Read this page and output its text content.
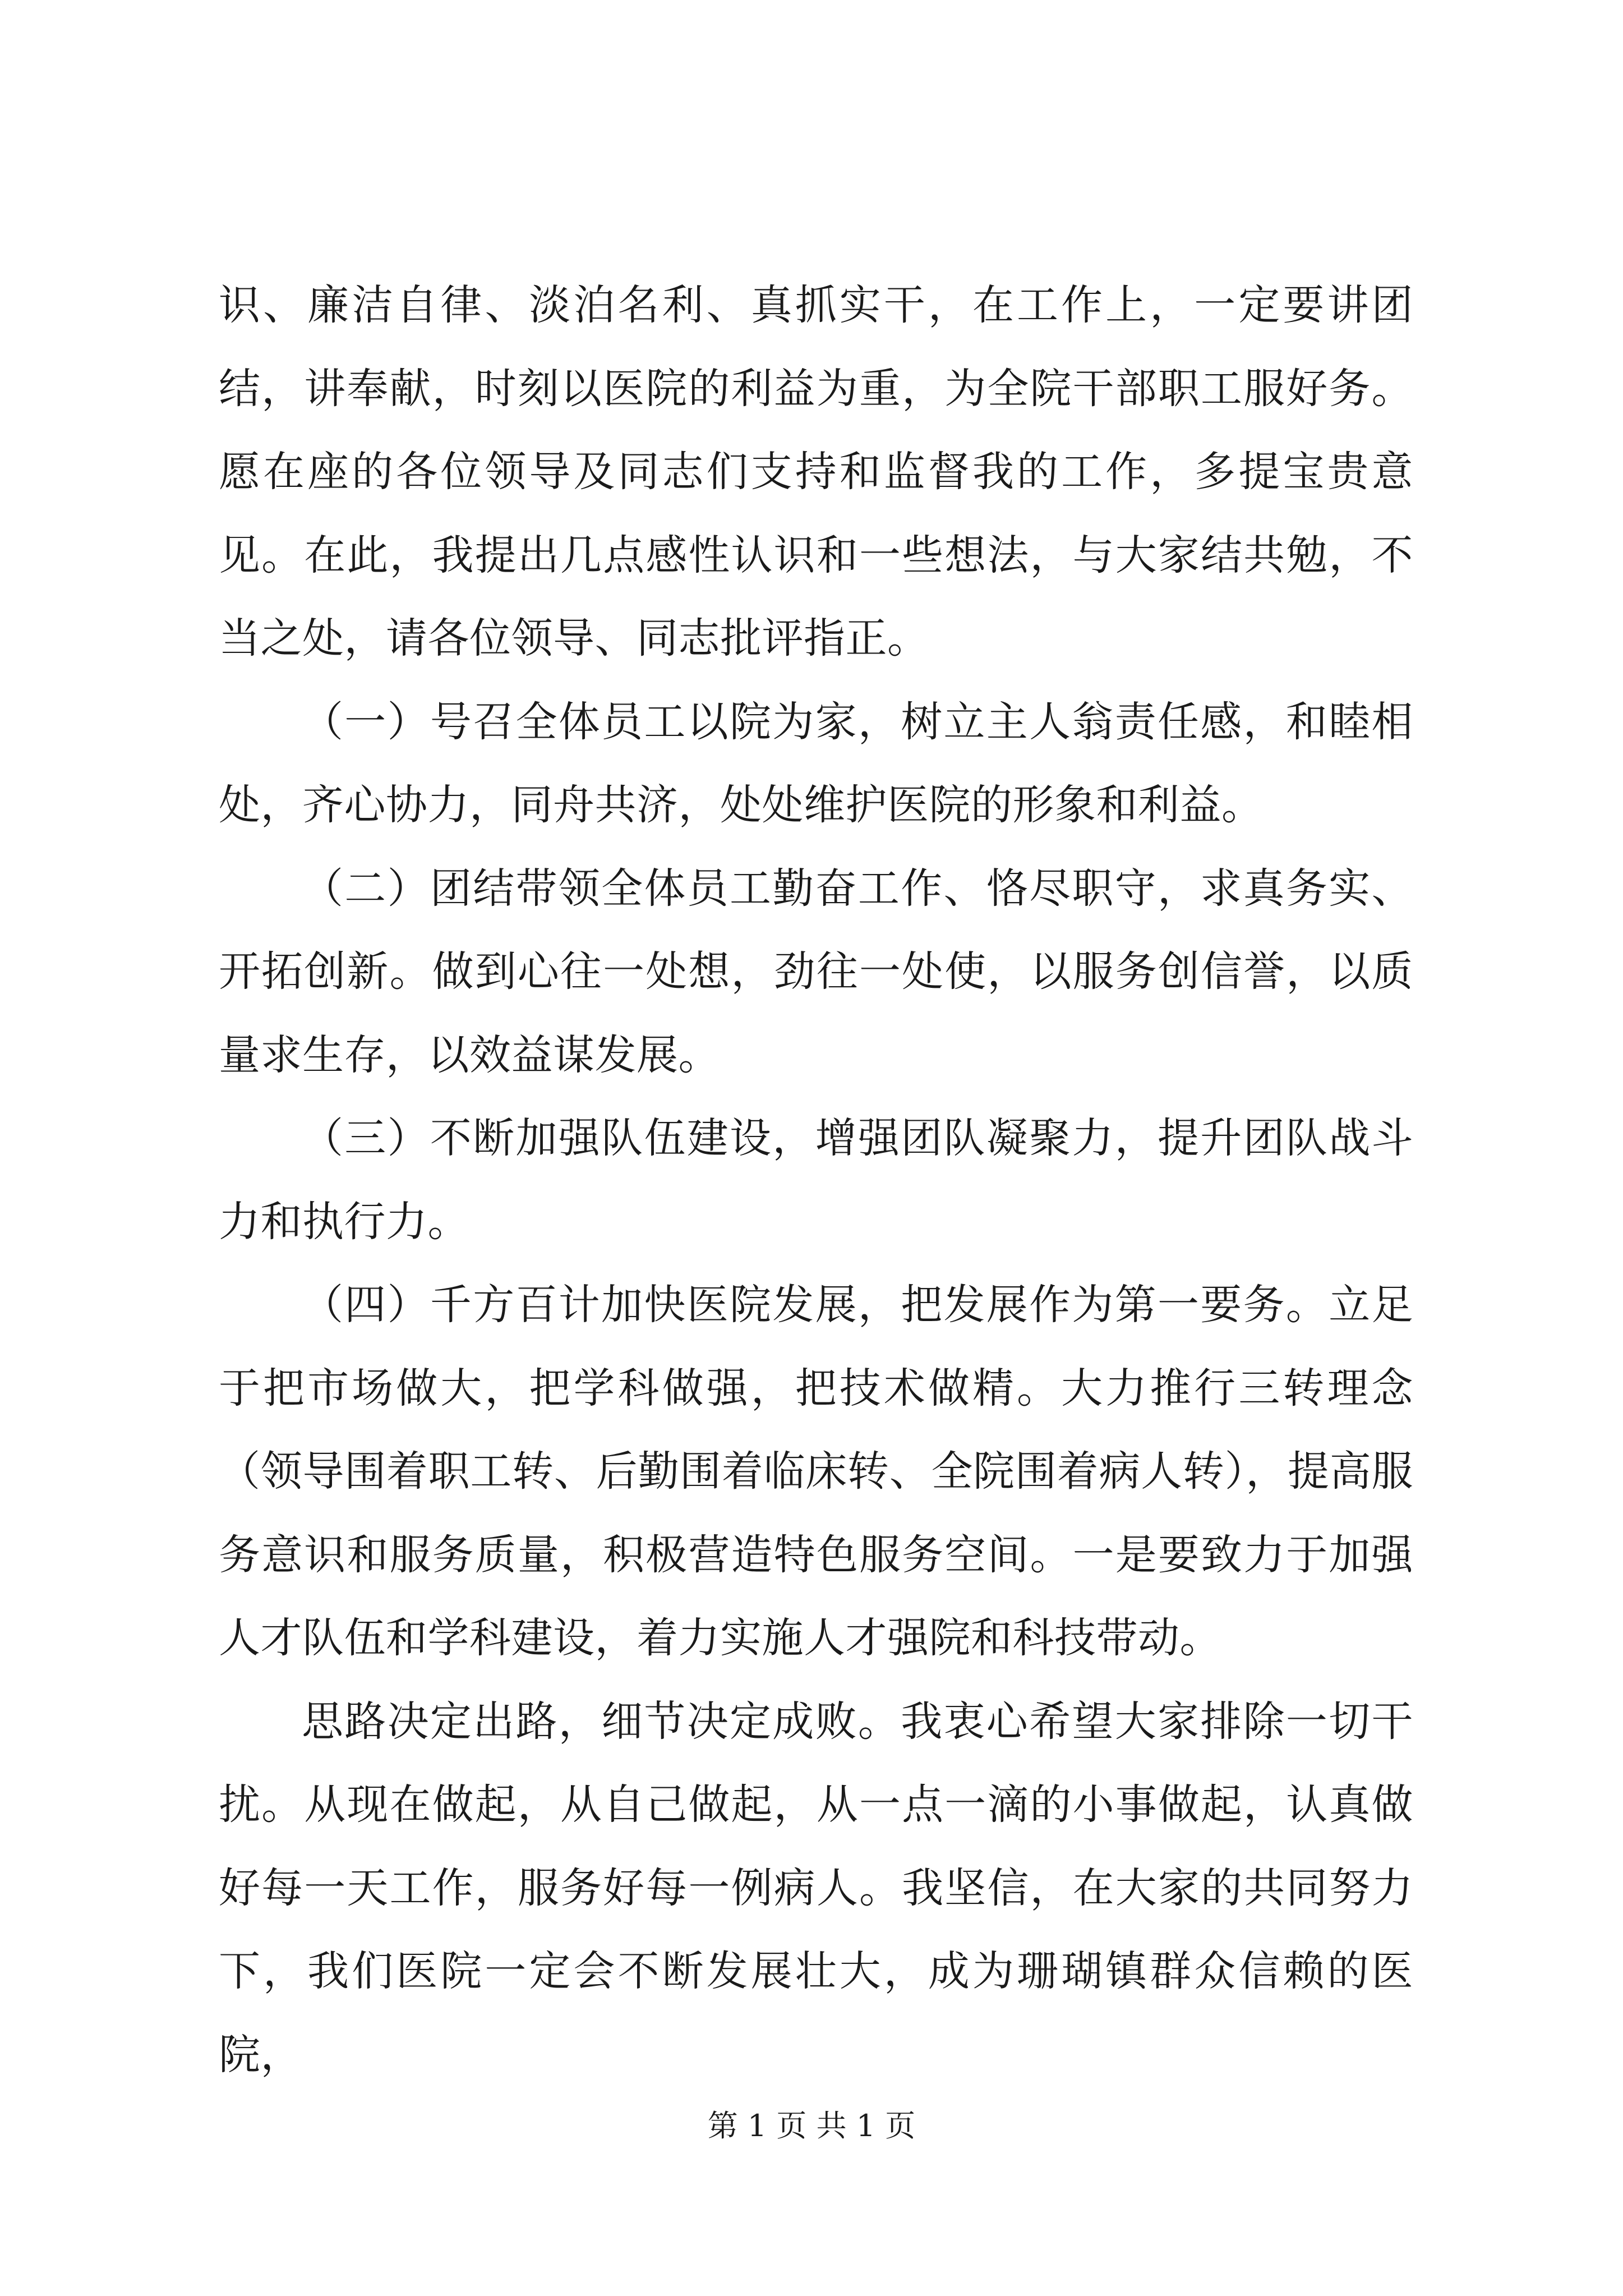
识、廉洁自律、淡泊名利、真抓实干，在工作上，一定要讲团结，讲奉献，时刻以医院的利益为重，为全院干部职工服好务。愿在座的各位领导及同志们支持和监督我的工作，多提宝贵意见。在此，我提出几点感性认识和一些想法，与大家结共勉，不当之处，请各位领导、同志批评指正。

（一）号召全体员工以院为家，树立主人翁责任感，和睦相处，齐心协力，同舟共济，处处维护医院的形象和利益。

（二）团结带领全体员工勤奋工作、恪尽职守，求真务实、开拓创新。做到心往一处想，劲往一处使，以服务创信誉，以质量求生存，以效益谋发展。

（三）不断加强队伍建设，增强团队凝聚力，提升团队战斗力和执行力。

（四）千方百计加快医院发展，把发展作为第一要务。立足于把市场做大，把学科做强，把技术做精。大力推行三转理念（领导围着职工转、后勤围着临床转、全院围着病人转），提高服务意识和服务质量，积极营造特色服务空间。一是要致力于加强人才队伍和学科建设，着力实施人才强院和科技带动。

思路决定出路，细节决定成败。我衷心希望大家排除一切干扰。从现在做起，从自己做起，从一点一滴的小事做起，认真做好每一天工作，服务好每一例病人。我坚信，在大家的共同努力下，我们医院一定会不断发展壮大，成为珊瑚镇群众信赖的医院，

第 1 页 共 1 页
